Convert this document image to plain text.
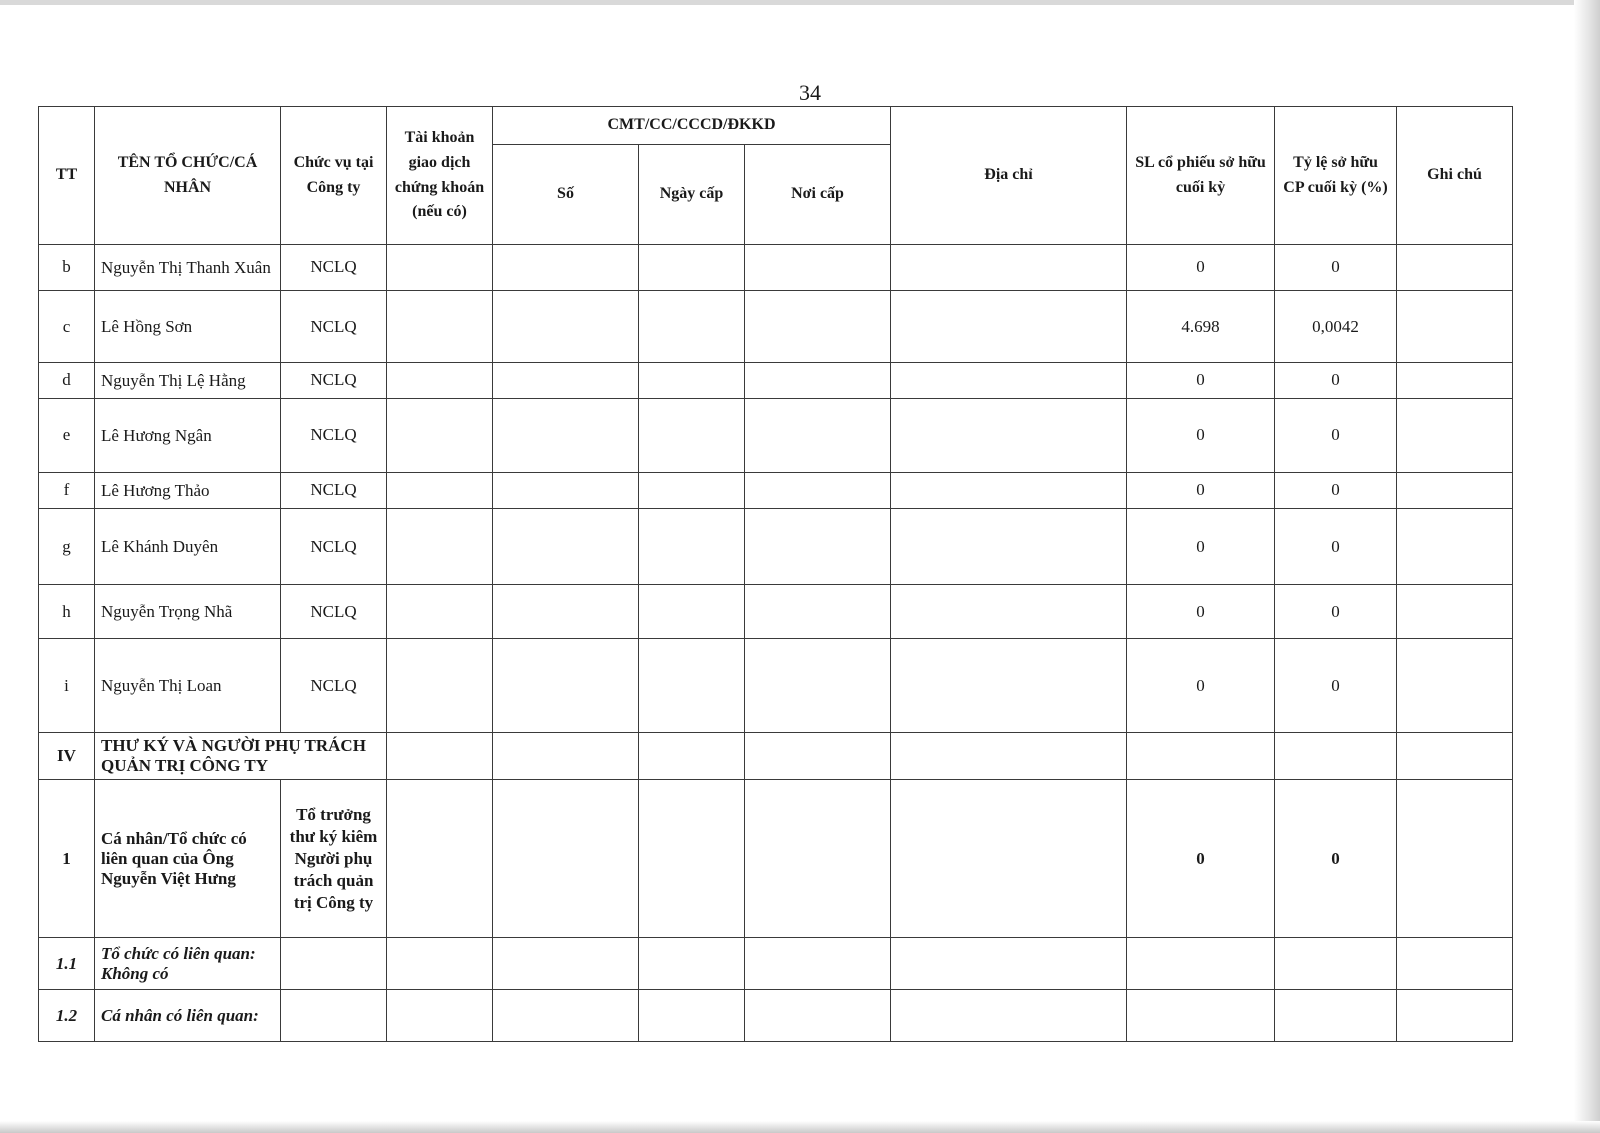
34
TT	TÊN TỔ CHỨC/CÁ NHÂN	Chức vụ tại Công ty	Tài khoản giao dịch chứng khoán (nếu có)	CMT/CC/CCCD/ĐKKD			Địa chỉ	SL cổ phiếu sở hữu cuối kỳ	Tỷ lệ sở hữu CP cuối kỳ (%)	Ghi chú
				Số	Ngày cấp	Nơi cấp				
b	Nguyễn Thị Thanh Xuân	NCLQ						0	0	
c	Lê Hồng Sơn	NCLQ						4.698	0,0042	
d	Nguyễn Thị Lệ Hằng	NCLQ						0	0	
e	Lê Hương Ngân	NCLQ						0	0	
f	Lê Hương Thảo	NCLQ						0	0	
g	Lê Khánh Duyên	NCLQ						0	0	
h	Nguyễn Trọng Nhã	NCLQ						0	0	
i	Nguyễn Thị Loan	NCLQ						0	0	
IV	THƯ KÝ VÀ NGƯỜI PHỤ TRÁCH QUẢN TRỊ CÔNG TY									
1	Cá nhân/Tổ chức có liên quan của Ông Nguyễn Việt Hưng	Tổ trưởng thư ký kiêm Người phụ trách quản trị Công ty						0	0	
1.1	Tổ chức có liên quan: Không có									
1.2	Cá nhân có liên quan:									
